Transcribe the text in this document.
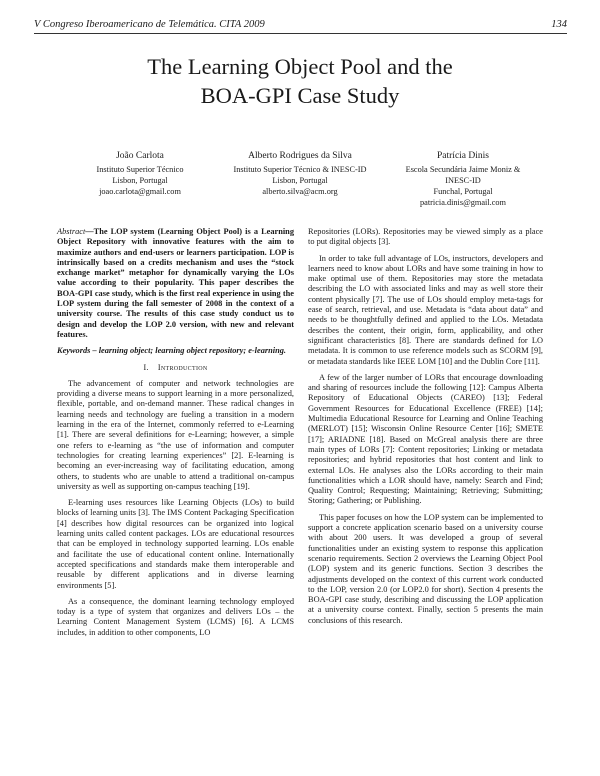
V Congreso Iberoamericano de Telemática. CITA 2009	134
The Learning Object Pool and the
BOA-GPI Case Study
João Carlota
Instituto Superior Técnico
Lisbon, Portugal
joao.carlota@gmail.com
Alberto Rodrigues da Silva
Instituto Superior Técnico & INESC-ID
Lisbon, Portugal
alberto.silva@acm.org
Patrícia Dinis
Escola Secundária Jaime Moniz &
INESC-ID
Funchal, Portugal
patricia.dinis@gmail.com

Abstract—The LOP system (Learning Object Pool) is a Learning Object Repository with innovative features with the aim to maximize authors and end-users or learners participation. LOP is intrinsically based on a credits mechanism and uses the “stock exchange market” metaphor for dynamically varying the LOs value according to their popularity. This paper describes the BOA-GPI case study, which is the first real experience in using the LOP system during the fall semester of 2008 in the context of a university course. The results of this case study conduct us to design and develop the LOP 2.0 version, with new and relevant features.

Keywords – learning object; learning object repository; e-learning.

I. Introduction

The advancement of computer and network technologies are providing a diverse means to support learning in a more personalized, flexible, portable, and on-demand manner. These radical changes in learning needs and technology are fueling a transition in a modern learning in the era of the Internet, commonly referred to e-Learning [1]. There are several definitions for e-Learning; however, a simple one refers to e-learning as “the use of information and computer technologies for creating learning experiences” [2]. E-learning is becoming an ever-increasing way of facilitating education, among others, to students who are unable to attend a traditional on-campus university as well as supporting on-campus teaching [19].

E-learning uses resources like Learning Objects (LOs) to build blocks of learning units [3]. The IMS Content Packaging Specification [4] describes how digital resources can be organized into logical learning units called content packages. LOs are educational resources that can be employed in technology supported learning. LOs enable and facilitate the use of educational content online. Internationally accepted specifications and standards make them interoperable and reusable by different applications and in diverse learning environments [5].

As a consequence, the dominant learning technology employed today is a type of system that organizes and delivers LOs – the Learning Content Management System (LCMS) [6]. A LCMS includes, in addition to other components, LO

Repositories (LORs). Repositories may be viewed simply as a place to put digital objects [3].

In order to take full advantage of LOs, instructors, developers and learners need to know about LORs and have some training in how to make optimal use of them. Repositories may store the metadata describing the LO with associated links and may as well store their content physically [7]. The use of LOs should employ meta-tags for ease of search, retrieval, and use. Metadata is “data about data” and needs to be thoughtfully defined and applied to the LOs. Metadata describes the content, their origin, form, applicability, and other significant characteristics [8]. There are standards defined for LO metadata. It is common to use reference models such as SCORM [9], or metadata standards like IEEE LOM [10] and the Dublin Core [11].

A few of the larger number of LORs that encourage downloading and sharing of resources include the following [12]: Campus Alberta Repository of Educational Objects (CAREO) [13]; Federal Government Resources for Educational Excellence (FREE) [14]; Multimedia Educational Resource for Learning and Online Teaching (MERLOT) [15]; Wisconsin Online Resource Center [16]; SMETE [17]; ARIADNE [18]. Based on McGreal analysis there are three main types of LORs [7]: Content repositories; Linking or metadata repositories; and hybrid repositories that host content and link to external LOs. He analyses also the LORs according to their main functionalities which a LOR should have, namely: Search and Find; Quality Control; Requesting; Maintaining; Retrieving; Submitting; Storing; Gathering; or Publishing.

This paper focuses on how the LOP system can be implemented to support a concrete application scenario based on a university course with about 200 users. It was developed a group of several functionalities under an existing system to response this application scenario requirements. Section 2 overviews the Learning Object Pool (LOP) system and its generic functions. Section 3 describes the adjustments developed on the context of this current work conducted to the LOP, version 2.0 (or LOP2.0 for short). Section 4 presents the BOA-GPI case study, describing and discussing the LOP application at a university course context. Finally, section 5 presents the main conclusions of this research.
